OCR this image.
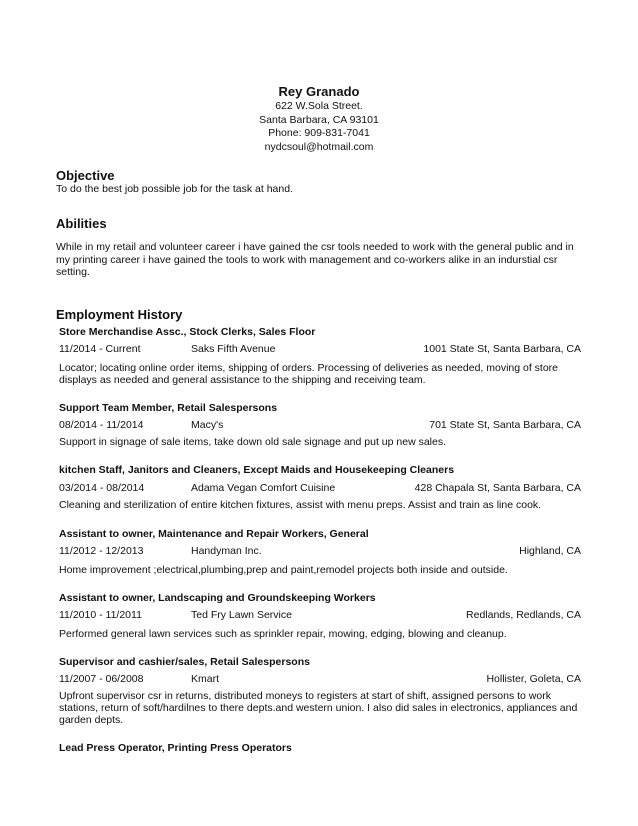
Rey Granado
622 W.Sola Street.
Santa Barbara, CA 93101
Phone: 909-831-7041
nydcsoul@hotmail.com
Objective
To do the best job possible job for the task at hand.
Abilities
While in my retail and volunteer career i have gained the csr tools needed to work with the general public and in my printing career i have gained the tools to work with management and co-workers alike in an indurstial csr setting.
Employment History
Store Merchandise Assc., Stock Clerks, Sales Floor
11/2014 - Current	Saks Fifth Avenue	1001 State St, Santa Barbara, CA
Locator; locating online order items, shipping of orders. Processing of deliveries as needed, moving of store displays as needed and general assistance to the shipping and receiving team.
Support Team Member, Retail Salespersons
08/2014 - 11/2014	Macy's	701 State St, Santa Barbara, CA
Support in signage of sale items, take down old sale signage and put up new sales.
kitchen Staff, Janitors and Cleaners, Except Maids and Housekeeping Cleaners
03/2014 - 08/2014	Adama Vegan Comfort Cuisine	428 Chapala St, Santa Barbara, CA
Cleaning and sterilization of entire kitchen fixtures, assist with menu preps. Assist and train as line cook.
Assistant to owner, Maintenance and Repair Workers, General
11/2012 - 12/2013	Handyman Inc.	Highland, CA
Home improvement ;electrical,plumbing,prep and paint,remodel projects both inside and outside.
Assistant to owner, Landscaping and Groundskeeping Workers
11/2010 - 11/2011	Ted Fry Lawn Service	Redlands, Redlands, CA
Performed general lawn services such as sprinkler repair, mowing, edging, blowing and cleanup.
Supervisor and cashier/sales, Retail Salespersons
11/2007 - 06/2008	Kmart	Hollister, Goleta, CA
Upfront supervisor csr in returns, distributed moneys to registers at start of shift, assigned persons to work stations, return of soft/hardilnes to there depts.and western union. I also did sales in electronics, appliances and garden depts.
Lead Press Operator, Printing Press Operators
